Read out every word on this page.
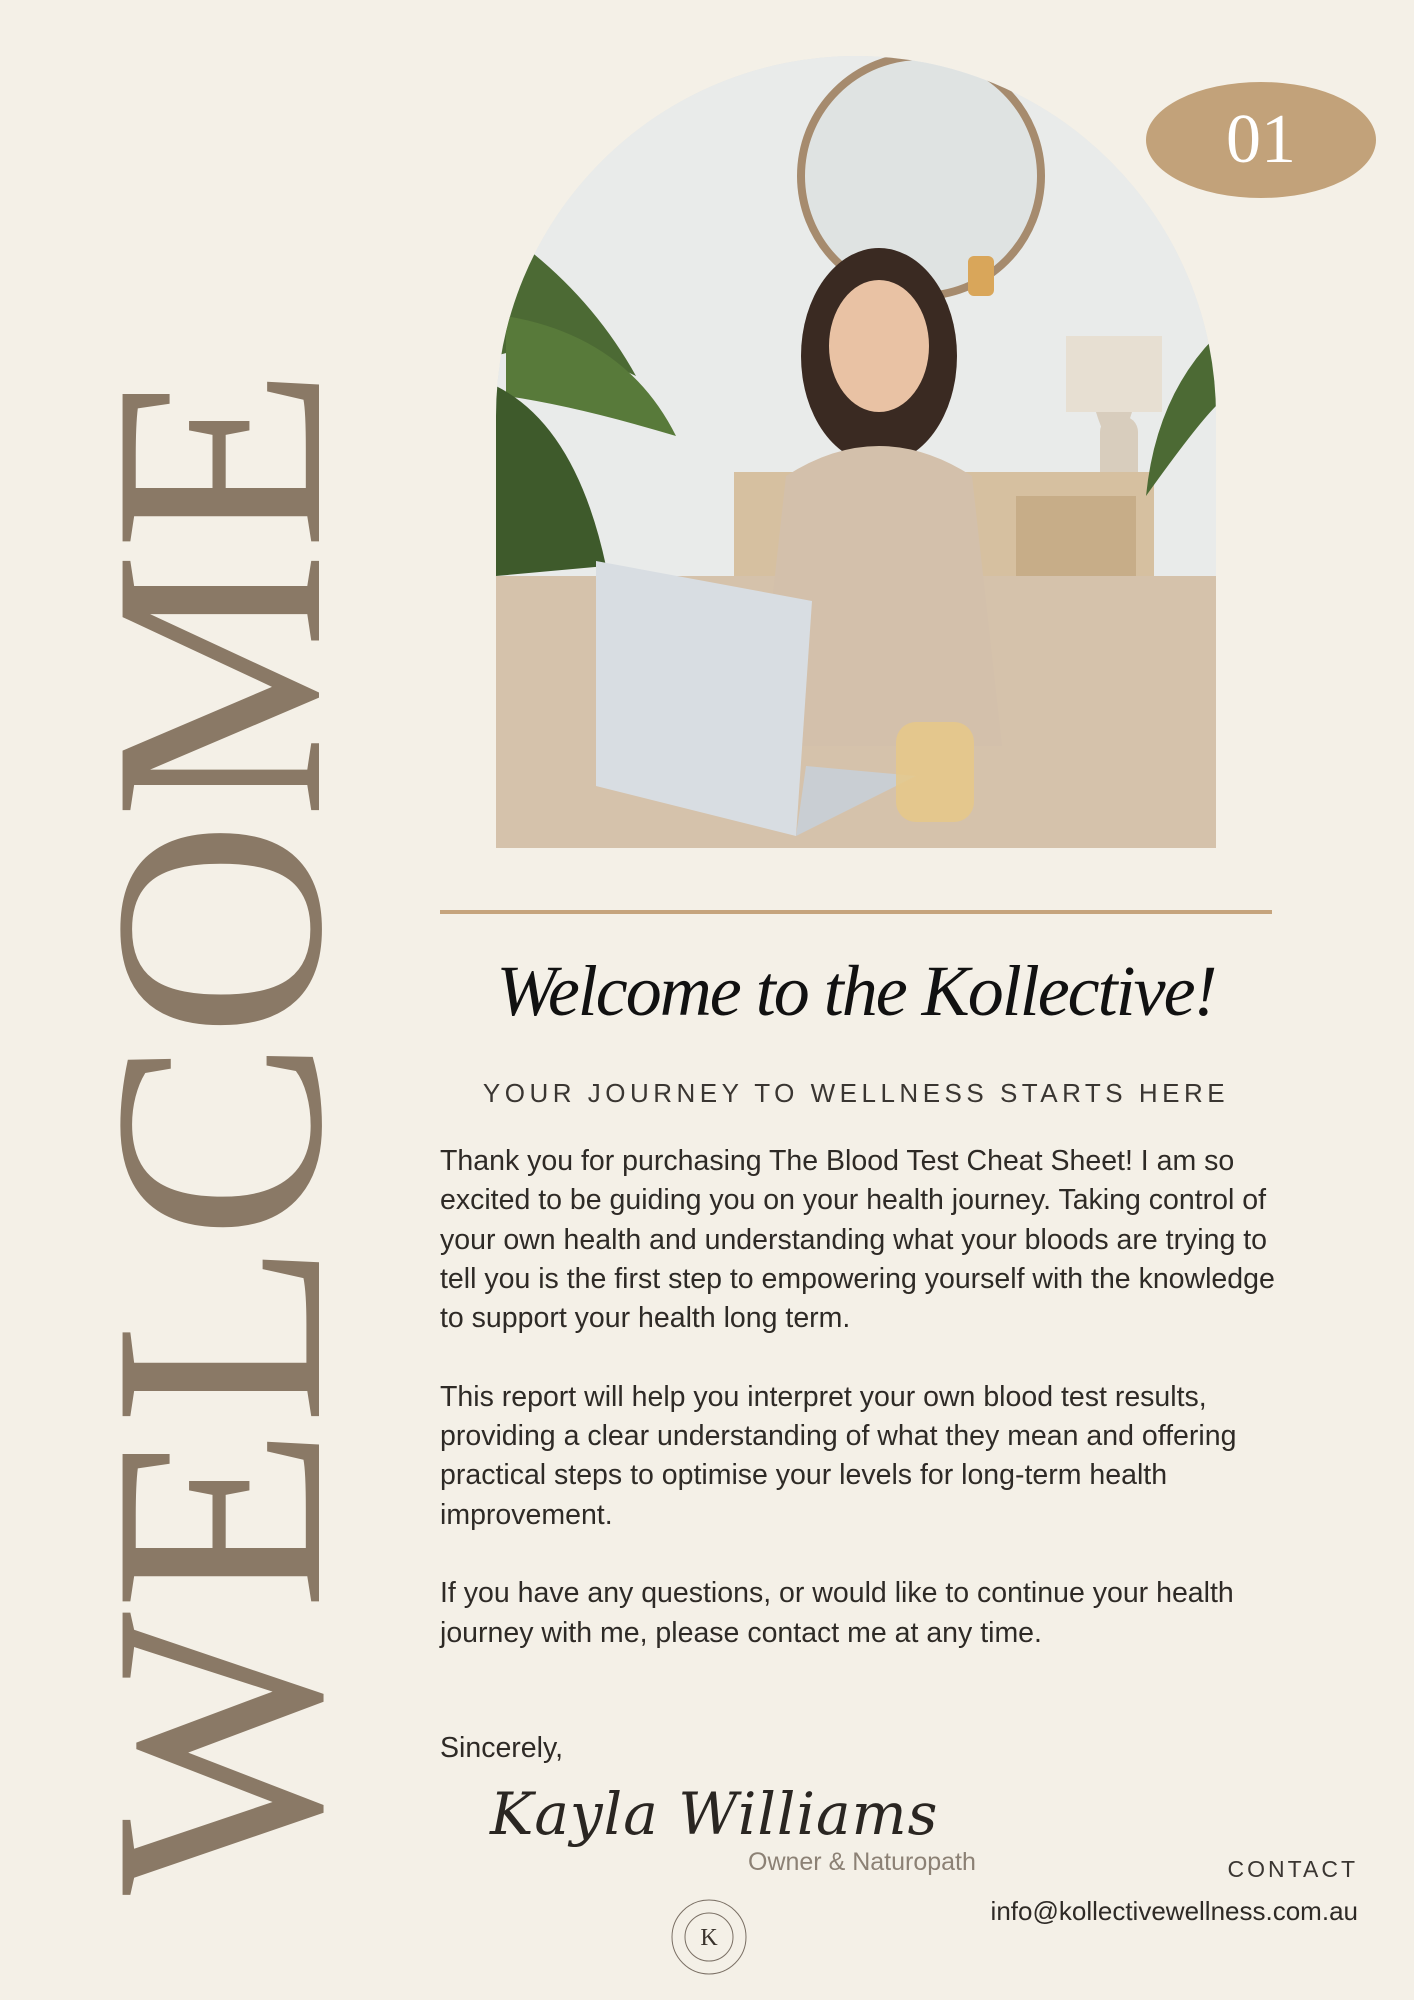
WELCOME
01
Welcome to the Kollective!
YOUR JOURNEY TO WELLNESS STARTS HERE

Thank you for purchasing The Blood Test Cheat Sheet! I am so excited to be guiding you on your health journey. Taking control of your own health and understanding what your bloods are trying to tell you is the first step to empowering yourself with the knowledge to support your health long term.

This report will help you interpret your own blood test results, providing a clear understanding of what they mean and offering practical steps to optimise your levels for long-term health improvement.

If you have any questions, or would like to continue your health journey with me, please contact me at any time.

Sincerely,
Kayla Williams
Owner & Naturopath	CONTACT
info@kollectivewellness.com.au
K
